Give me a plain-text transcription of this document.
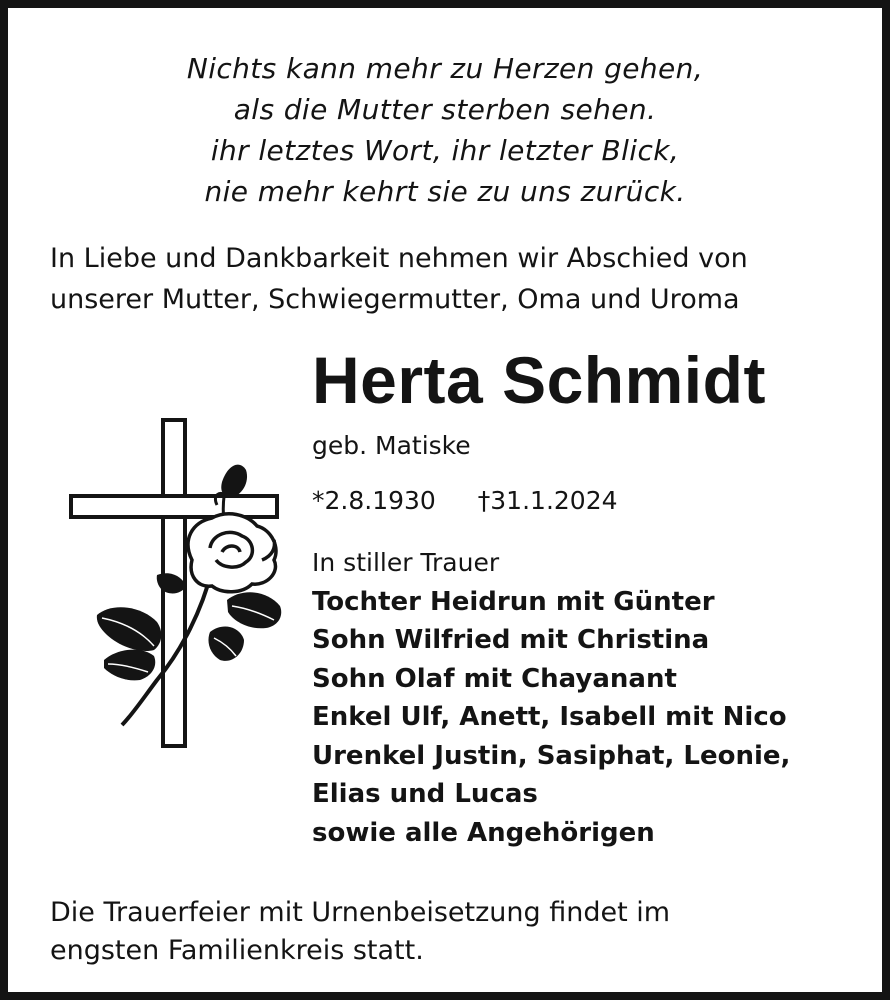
Nichts kann mehr zu Herzen gehen,
als die Mutter sterben sehen.
ihr letztes Wort, ihr letzter Blick,
nie mehr kehrt sie zu uns zurück.
In Liebe und Dankbarkeit nehmen wir Abschied von
unserer Mutter, Schwiegermutter, Oma und Uroma
Herta Schmidt
geb. Matiske
*2.8.1930 †31.1.2024
In stiller Trauer
Tochter Heidrun mit Günter
Sohn Wilfried mit Christina
Sohn Olaf mit Chayanant
Enkel Ulf, Anett, Isabell mit Nico
Urenkel Justin, Sasiphat, Leonie,
Elias und Lucas
sowie alle Angehörigen
Die Trauerfeier mit Urnenbeisetzung findet im
engsten Familienkreis statt.
